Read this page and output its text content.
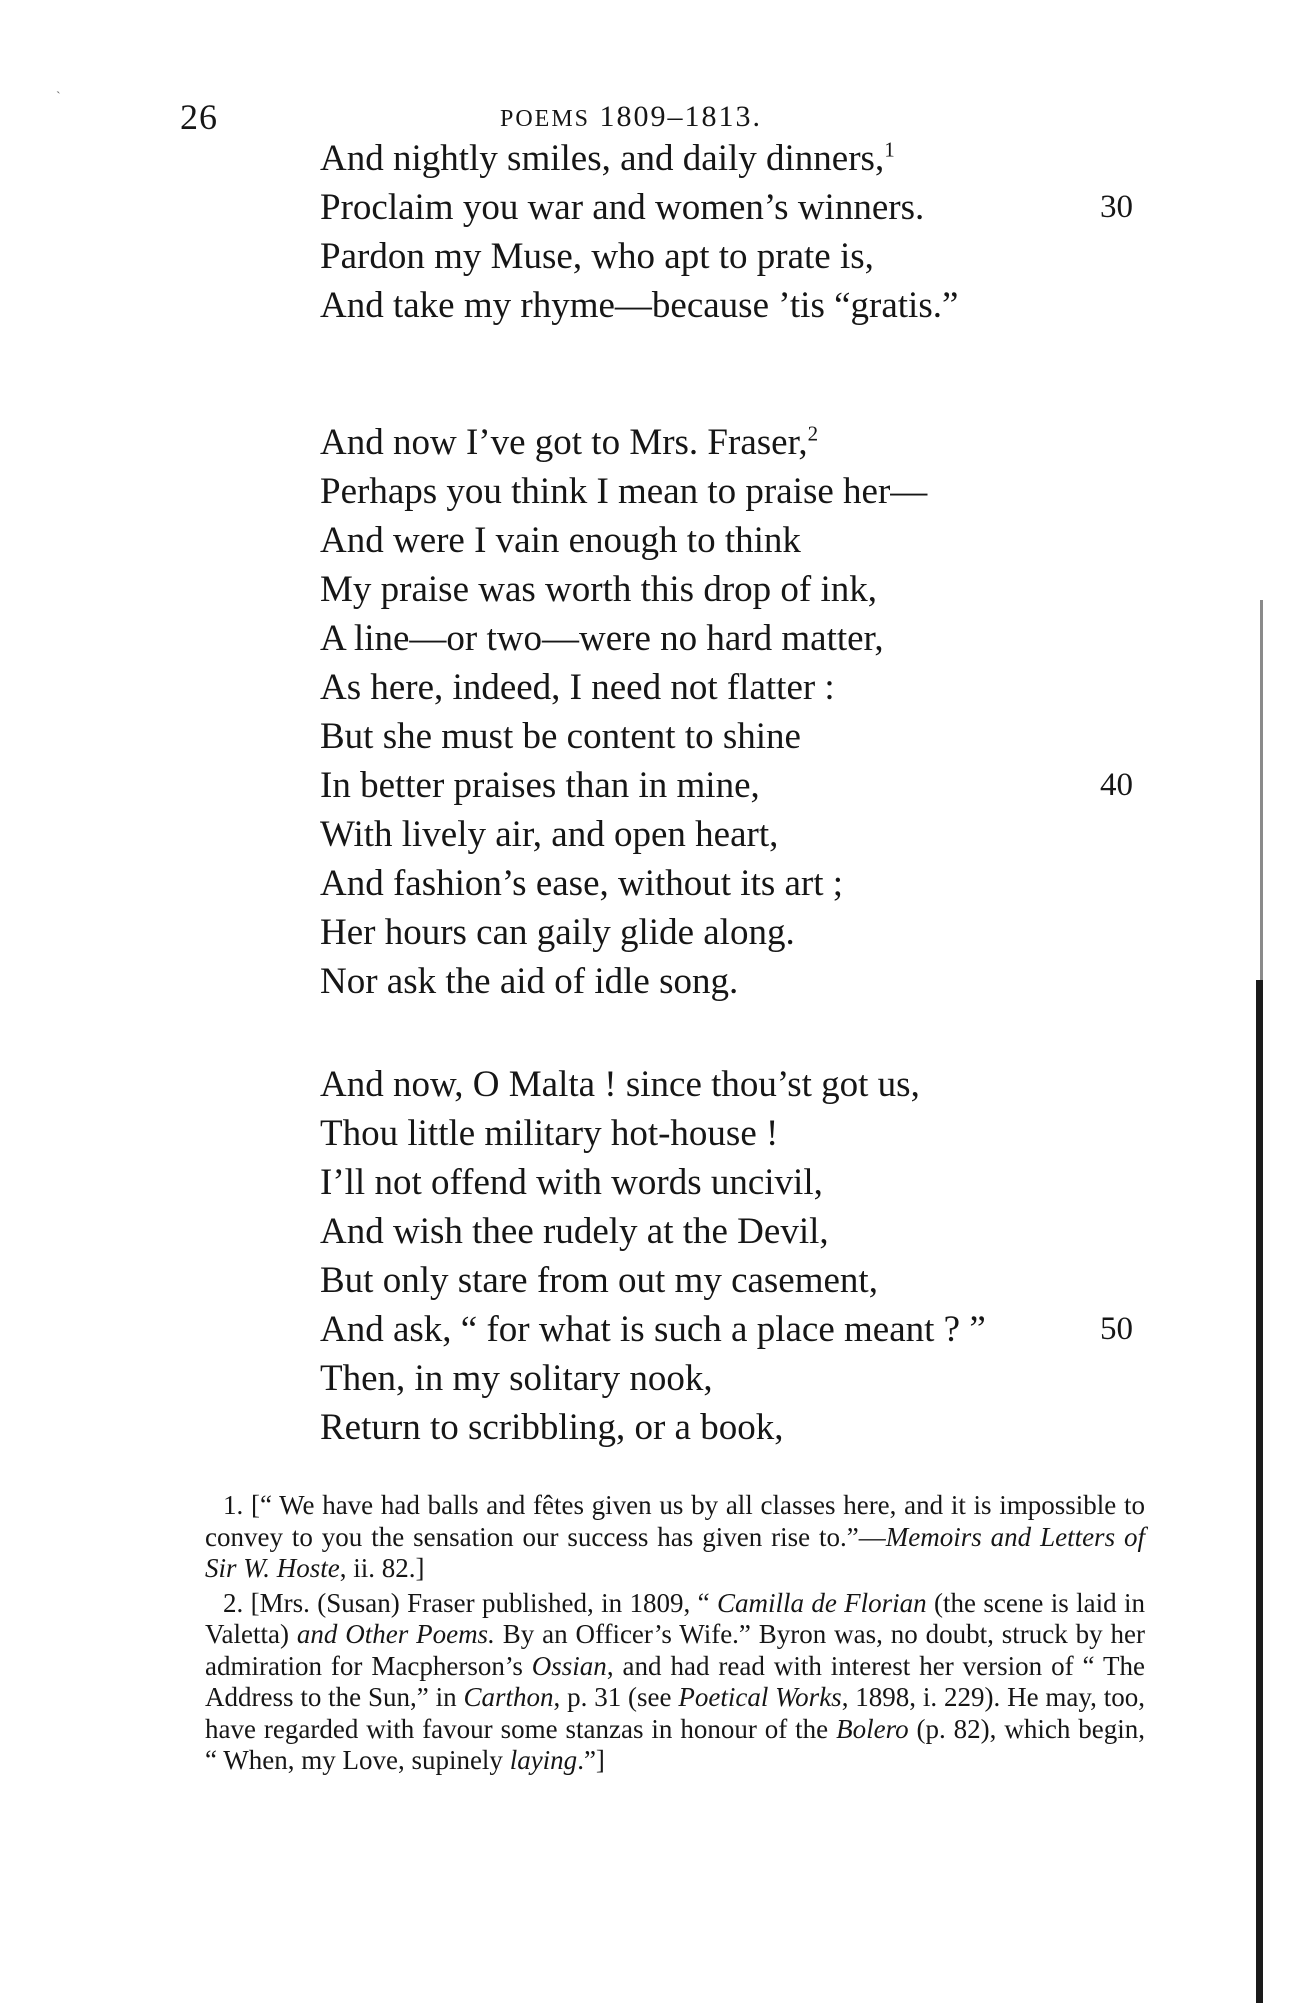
ˋ	26	POEMS 1809–1813.
And nightly smiles, and daily dinners,$^1$
Proclaim you war and women’s winners.	30
Pardon my Muse, who apt to prate is,
And take my rhyme—because ’tis “gratis.”
And now I’ve got to Mrs. Fraser,$^2$
Perhaps you think I mean to praise her—
And were I vain enough to think
My praise was worth this drop of ink,
A line—or two—were no hard matter,
As here, indeed, I need not flatter :
But she must be content to shine
In better praises than in mine,	40
With lively air, and open heart,
And fashion’s ease, without its art ;
Her hours can gaily glide along.
Nor ask the aid of idle song.
And now, O Malta ! since thou’st got us,
Thou little military hot-house !
I’ll not offend with words uncivil,
And wish thee rudely at the Devil,
But only stare from out my casement,
And ask, “ for what is such a place meant ? ”	50
Then, in my solitary nook,
Return to scribbling, or a book,

1. [“ We have had balls and fêtes given us by all classes here, and it is impossible to convey to you the sensation our success has given rise to.”—Memoirs and Letters of Sir W. Hoste, ii. 82.]

2. [Mrs. (Susan) Fraser published, in 1809, “ Camilla de Florian (the scene is laid in Valetta) and Other Poems. By an Officer’s Wife.” Byron was, no doubt, struck by her admiration for Macpherson’s Ossian, and had read with interest her version of “ The Address to the Sun,” in Carthon, p. 31 (see Poetical Works, 1898, i. 229). He may, too, have regarded with favour some stanzas in honour of the Bolero (p. 82), which begin, “ When, my Love, supinely laying.”]
